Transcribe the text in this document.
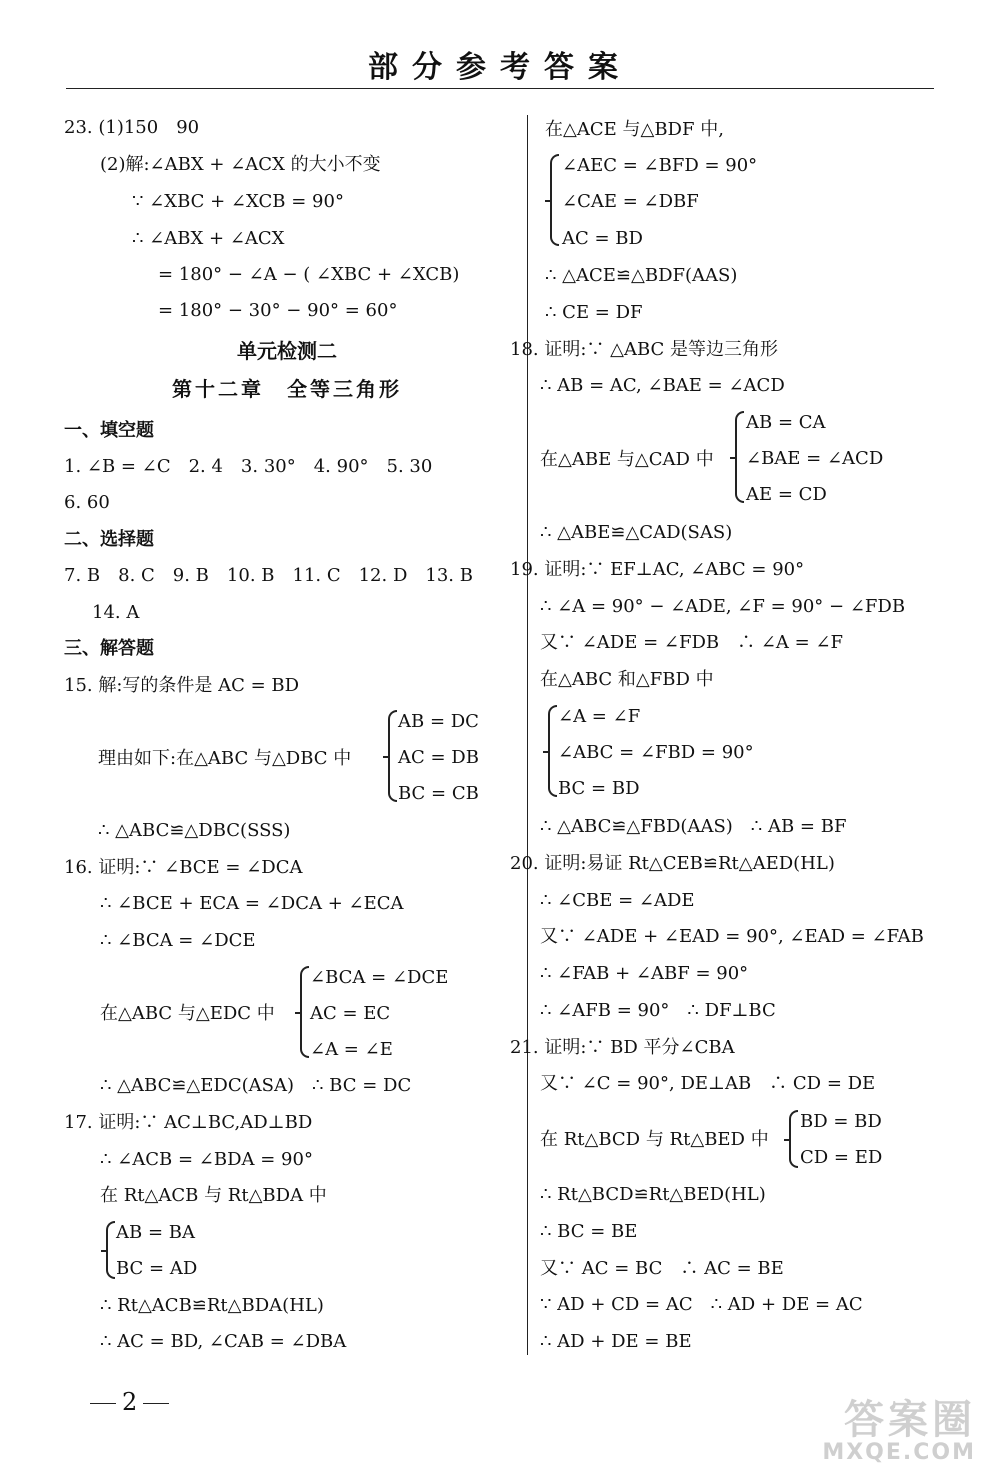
部分参考答案
23. (1)150　90
(2)解:∠ABX + ∠ACX 的大小不变
∵ ∠XBC + ∠XCB = 90°
∴ ∠ABX + ∠ACX
= 180° − ∠A − ( ∠XBC + ∠XCB)
= 180° − 30° − 90° = 60°
单元检测二
第十二章　全等三角形
一、填空题
1. ∠B = ∠C　2. 4　3. 30°　4. 90°　5. 30
6. 60
二、选择题
7. B　8. C　9. B　10. B　11. C　12. D　13. B
14. A
三、解答题
15. 解:写的条件是 AC = BD
理由如下:在△ABC 与△DBC 中
AB = DC
AC = DB
BC = CB
∴ △ABC≌△DBC(SSS)
16. 证明:∵ ∠BCE = ∠DCA
∴ ∠BCE + ECA = ∠DCA + ∠ECA
∴ ∠BCA = ∠DCE
在△ABC 与△EDC 中
∠BCA = ∠DCE
AC = EC
∠A = ∠E
∴ △ABC≌△EDC(ASA)　∴ BC = DC
17. 证明:∵ AC⊥BC,AD⊥BD
∴ ∠ACB = ∠BDA = 90°
在 Rt△ACB 与 Rt△BDA 中
AB = BA
BC = AD
∴ Rt△ACB≌Rt△BDA(HL)
∴ AC = BD, ∠CAB = ∠DBA
在△ACE 与△BDF 中,
∠AEC = ∠BFD = 90°
∠CAE = ∠DBF
AC = BD
∴ △ACE≌△BDF(AAS)
∴ CE = DF
18. 证明:∵ △ABC 是等边三角形
∴ AB = AC, ∠BAE = ∠ACD
在△ABE 与△CAD 中
AB = CA
∠BAE = ∠ACD
AE = CD
∴ △ABE≌△CAD(SAS)
19. 证明:∵ EF⊥AC, ∠ABC = 90°
∴ ∠A = 90° − ∠ADE, ∠F = 90° − ∠FDB
又∵ ∠ADE = ∠FDB　∴ ∠A = ∠F
在△ABC 和△FBD 中
∠A = ∠F
∠ABC = ∠FBD = 90°
BC = BD
∴ △ABC≌△FBD(AAS)　∴ AB = BF
20. 证明:易证 Rt△CEB≌Rt△AED(HL)
∴ ∠CBE = ∠ADE
又∵ ∠ADE + ∠EAD = 90°, ∠EAD = ∠FAB
∴ ∠FAB + ∠ABF = 90°
∴ ∠AFB = 90°　∴ DF⊥BC
21. 证明:∵ BD 平分∠CBA
又∵ ∠C = 90°, DE⊥AB　∴ CD = DE
在 Rt△BCD 与 Rt△BED 中
BD = BD
CD = ED
∴ Rt△BCD≌Rt△BED(HL)
∴ BC = BE
又∵ AC = BC　∴ AC = BE
∵ AD + CD = AC　∴ AD + DE = AC
∴ AD + DE = BE
2	答案圈
MXQE.COM
